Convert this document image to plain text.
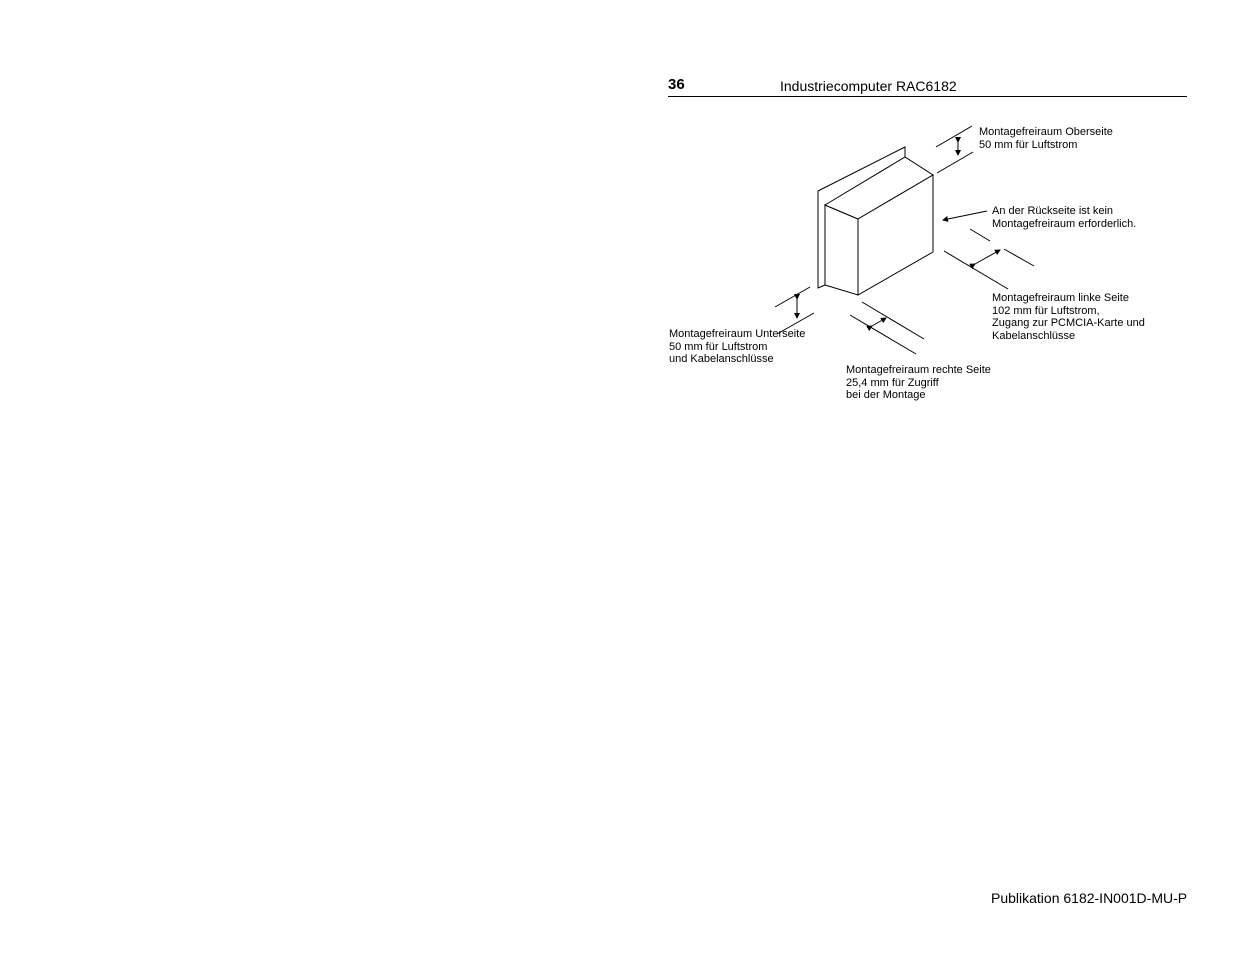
36	Industriecomputer RAC6182
Montagefreiraum Oberseite
50 mm für Luftstrom
An der Rückseite ist kein
Montagefreiraum erforderlich.
Montagefreiraum linke Seite
102 mm für Luftstrom,
Zugang zur PCMCIA-Karte und
Kabelanschlüsse
Montagefreiraum Unterseite
50 mm für Luftstrom
und Kabelanschlüsse
Montagefreiraum rechte Seite
25,4 mm für Zugriff
bei der Montage
Publikation 6182-IN001D-MU-P
